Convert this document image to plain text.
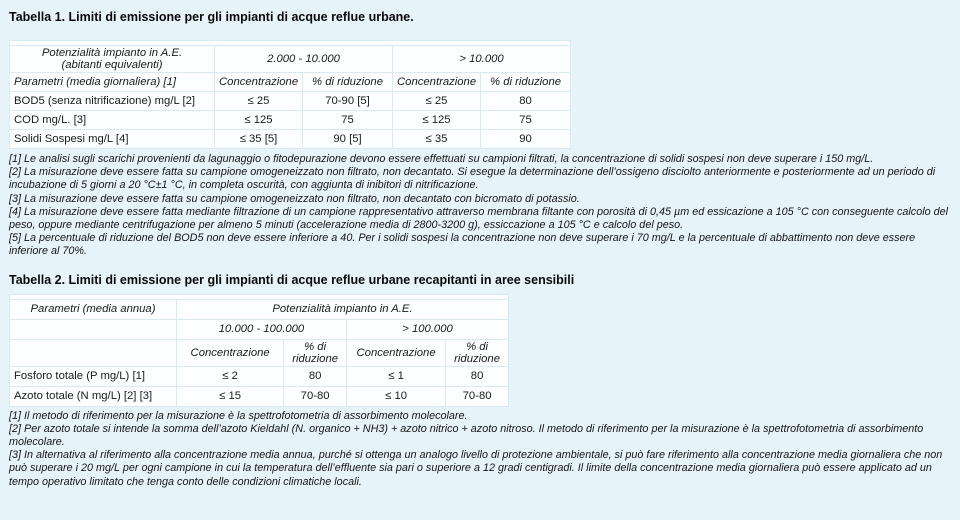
Tabella 1. Limiti di emissione per gli impianti di acque reflue urbane.

Potenzialità impianto in A.E.
(abitanti equivalenti)	2.000 - 10.000		> 10.000	
Parametri (media giornaliera) [1]	Concentrazione	% di riduzione	Concentrazione	% di riduzione
BOD5 (senza nitrificazione) mg/L [2]	≤ 25	70-90 [5]	≤ 25	80
COD mg/L. [3]	≤ 125	75	≤ 125	75
Solidi Sospesi mg/L [4]	≤ 35 [5]	90 [5]	≤ 35	90

[1] Le analisi sugli scarichi provenienti da lagunaggio o fitodepurazione devono essere effettuati su campioni filtrati, la concentrazione di solidi sospesi non deve superare i 150 mg/L.

[2] La misurazione deve essere fatta su campione omogeneizzato non filtrato, non decantato. Si esegue la determinazione dell’ossigeno disciolto anteriormente e posteriormente ad un periodo di incubazione di 5 giorni a 20 °C±1 °C, in completa oscurità, con aggiunta di inibitori di nitrificazione.

[3] La misurazione deve essere fatta su campione omogeneizzato non filtrato, non decantato con bicromato di potassio.

[4] La misurazione deve essere fatta mediante filtrazione di un campione rappresentativo attraverso membrana filtante con porosità di 0,45 µm ed essicazione a 105 °C con conseguente calcolo del peso, oppure mediante centrifugazione per almeno 5 minuti (accelerazione media di 2800-3200 g), essiccazione a 105 °C e calcolo del peso.

[5] La percentuale di riduzione del BOD5 non deve essere inferiore a 40. Per i solidi sospesi la concentrazione non deve superare i 70 mg/L e la percentuale di abbattimento non deve essere inferiore al 70%.

Tabella 2. Limiti di emissione per gli impianti di acque reflue urbane recapitanti in aree sensibili

Parametri (media annua)	Potenzialità impianto in A.E.			
	10.000 - 100.000		> 100.000	
	Concentrazione	% di riduzione	Concentrazione	% di riduzione
Fosforo totale (P mg/L) [1]	≤ 2	80	≤ 1	80
Azoto totale (N mg/L) [2] [3]	≤ 15	70-80	≤ 10	70-80

[1] Il metodo di riferimento per la misurazione è la spettrofotometria di assorbimento molecolare.

[2] Per azoto totale si intende la somma dell’azoto Kieldahl (N. organico + NH3) + azoto nitrico + azoto nitroso. Il metodo di riferimento per la misurazione è la spettrofotometria di assorbimento molecolare.

[3] In alternativa al riferimento alla concentrazione media annua, purché si ottenga un analogo livello di protezione ambientale, si può fare riferimento alla concentrazione media giornaliera che non può superare i 20 mg/L per ogni campione in cui la temperatura dell’effluente sia pari o superiore a 12 gradi centigradi. Il limite della concentrazione media giornaliera può essere applicato ad un tempo operativo limitato che tenga conto delle condizioni climatiche locali.
